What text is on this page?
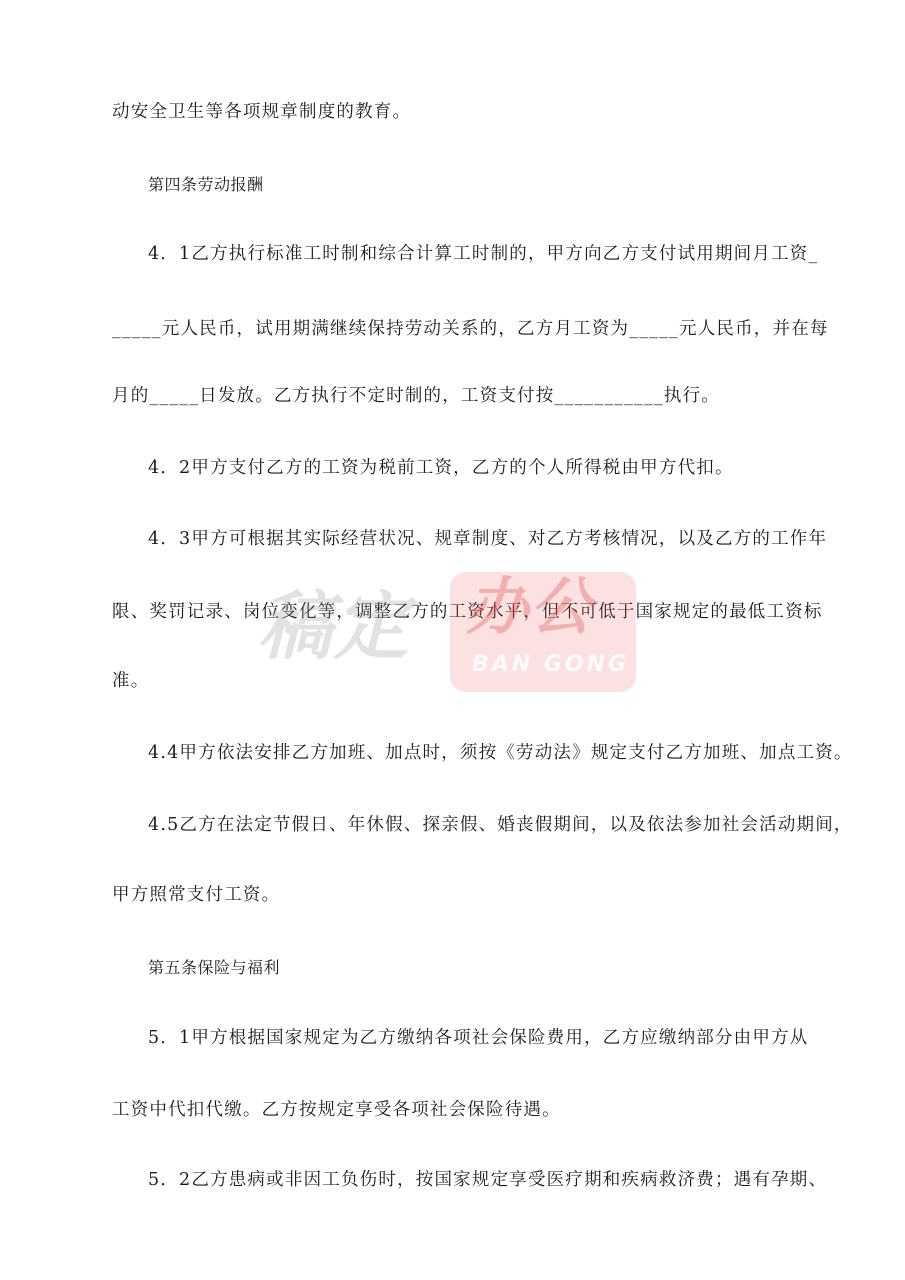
动安全卫生等各项规章制度的教育。
第四条劳动报酬
4．1乙方执行标准工时制和综合计算工时制的，甲方向乙方支付试用期间月工资_
_____元人民币，试用期满继续保持劳动关系的，乙方月工资为_____元人民币，并在每
月的_____日发放。乙方执行不定时制的，工资支付按___________执行。
4．2甲方支付乙方的工资为税前工资，乙方的个人所得税由甲方代扣。
4．3甲方可根据其实际经营状况、规章制度、对乙方考核情况，以及乙方的工作年
限、奖罚记录、岗位变化等，调整乙方的工资水平，但不可低于国家规定的最低工资标
准。
4.4甲方依法安排乙方加班、加点时，须按《劳动法》规定支付乙方加班、加点工资。
4.5乙方在法定节假日、年休假、探亲假、婚丧假期间，以及依法参加社会活动期间，
甲方照常支付工资。
第五条保险与福利
5．1甲方根据国家规定为乙方缴纳各项社会保险费用，乙方应缴纳部分由甲方从
工资中代扣代缴。乙方按规定享受各项社会保险待遇。
5．2乙方患病或非因工负伤时，按国家规定享受医疗期和疾病救济费；遇有孕期、
稿定 办公
BAN GONG
